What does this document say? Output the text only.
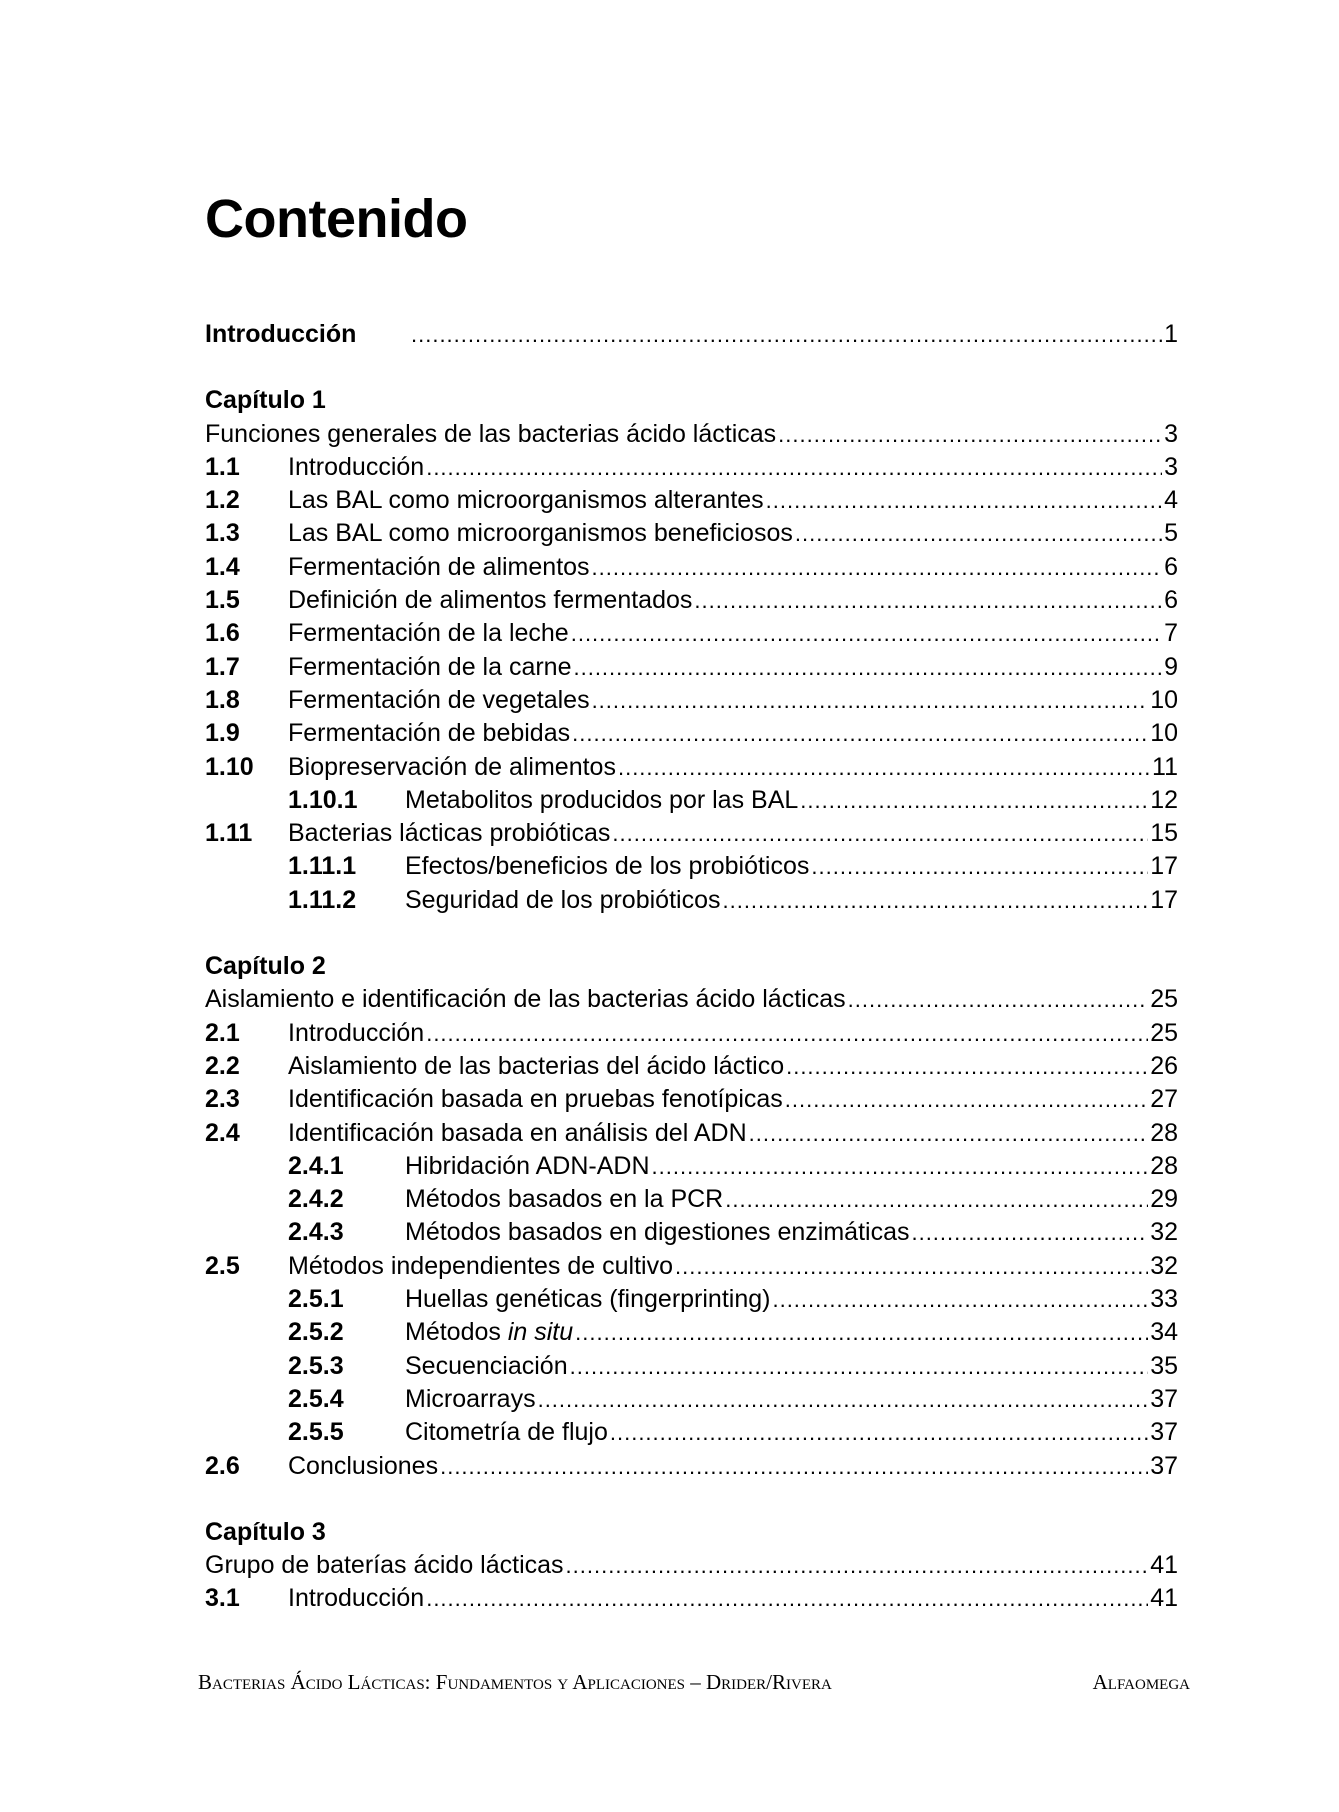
Contenido
Introducción .....	1
Capítulo 1
Funciones generales de las bacterias ácido lácticas .....	3
1.1	Introducción .....	3
1.2	Las BAL como microorganismos alterantes .....	4
1.3	Las BAL como microorganismos beneficiosos .....	5
1.4	Fermentación de alimentos .....	6
1.5	Definición de alimentos fermentados .....	6
1.6	Fermentación de la leche .....	7
1.7	Fermentación de la carne .....	9
1.8	Fermentación de vegetales .....	10
1.9	Fermentación de bebidas .....	10
1.10	Biopreservación de alimentos .....	11
1.10.1	Metabolitos producidos por las BAL .....	12
1.11	Bacterias lácticas probióticas .....	15
1.11.1	Efectos/beneficios de los probióticos .....	17
1.11.2	Seguridad de los probióticos .....	17
Capítulo 2
Aislamiento e identificación de las bacterias ácido lácticas .....	25
2.1	Introducción .....	25
2.2	Aislamiento de las bacterias del ácido láctico .....	26
2.3	Identificación basada en pruebas fenotípicas .....	27
2.4	Identificación basada en análisis del ADN .....	28
2.4.1	Hibridación ADN-ADN .....	28
2.4.2	Métodos basados en la PCR .....	29
2.4.3	Métodos basados en digestiones enzimáticas .....	32
2.5	Métodos independientes de cultivo .....	32
2.5.1	Huellas genéticas (fingerprinting) .....	33
2.5.2	Métodos in situ .....	34
2.5.3	Secuenciación .....	35
2.5.4	Microarrays .....	37
2.5.5	Citometría de flujo .....	37
2.6	Conclusiones .....	37
Capítulo 3
Grupo de baterías ácido lácticas .....	41
3.1	Introducción .....	41
Bacterias Ácido Lácticas: Fundamentos y Aplicaciones – Drider/Rivera	Alfaomega
